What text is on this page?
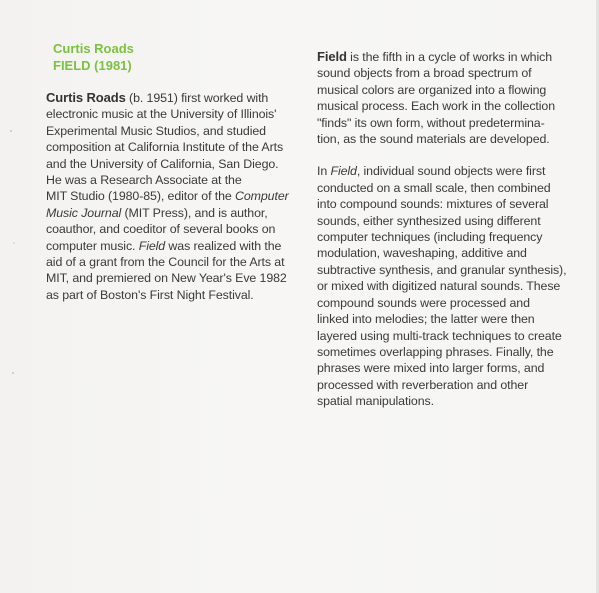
Curtis Roads
FIELD (1981)

Curtis Roads (b. 1951) first worked with
electronic music at the University of Illinois'
Experimental Music Studios, and studied
composition at California Institute of the Arts
and the University of California, San Diego.
He was a Research Associate at the
MIT Studio (1980-85), editor of the Computer
Music Journal (MIT Press), and is author,
coauthor, and coeditor of several books on
computer music. Field was realized with the
aid of a grant from the Council for the Arts at
MIT, and premiered on New Year's Eve 1982
as part of Boston's First Night Festival.

Field is the fifth in a cycle of works in which
sound objects from a broad spectrum of
musical colors are organized into a flowing
musical process. Each work in the collection
"finds" its own form, without predetermina-
tion, as the sound materials are developed.

In Field, individual sound objects were first
conducted on a small scale, then combined
into compound sounds: mixtures of several
sounds, either synthesized using different
computer techniques (including frequency
modulation, waveshaping, additive and
subtractive synthesis, and granular synthesis),
or mixed with digitized natural sounds. These
compound sounds were processed and
linked into melodies; the latter were then
layered using multi-track techniques to create
sometimes overlapping phrases. Finally, the
phrases were mixed into larger forms, and
processed with reverberation and other
spatial manipulations.
